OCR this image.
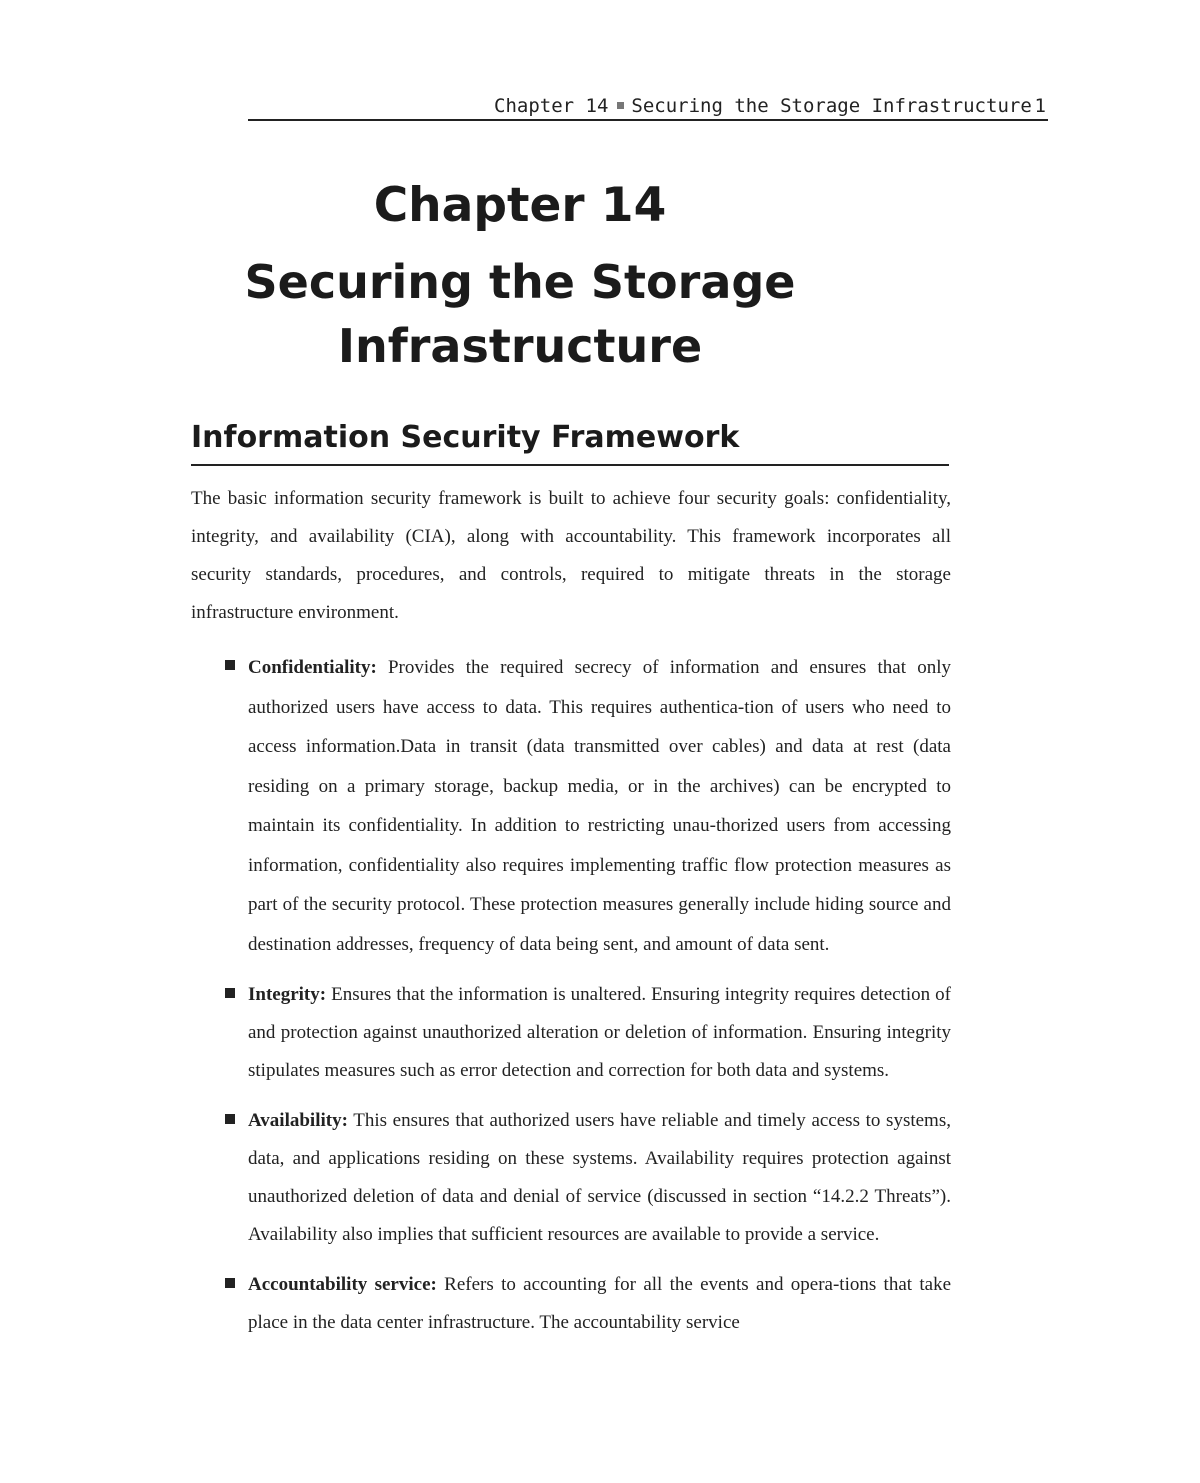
Chapter 14 Securing the Storage Infrastructure 1
Chapter 14
Securing the Storage Infrastructure
Information Security Framework

The basic information security framework is built to achieve four security goals: confidentiality, integrity, and availability (CIA), along with accountability. This framework incorporates all security standards, procedures, and controls, required to mitigate threats in the storage infrastructure environment.

Confidentiality: Provides the required secrecy of information and ensures that only authorized users have access to data. This requires authentica-tion of users who need to access information.Data in transit (data transmitted over cables) and data at rest (data residing on a primary storage, backup media, or in the archives) can be encrypted to maintain its confidentiality. In addition to restricting unau-thorized users from accessing information, confidentiality also requires implementing traffic flow protection measures as part of the security protocol. These protection measures generally include hiding source and destination addresses, frequency of data being sent, and amount of data sent.
Integrity: Ensures that the information is unaltered. Ensuring integrity requires detection of and protection against unauthorized alteration or deletion of information. Ensuring integrity stipulates measures such as error detection and correction for both data and systems.
Availability: This ensures that authorized users have reliable and timely access to systems, data, and applications residing on these systems. Availability requires protection against unauthorized deletion of data and denial of service (discussed in section “14.2.2 Threats”). Availability also implies that sufficient resources are available to provide a service.
Accountability service: Refers to accounting for all the events and opera-tions that take place in the data center infrastructure. The accountability service
